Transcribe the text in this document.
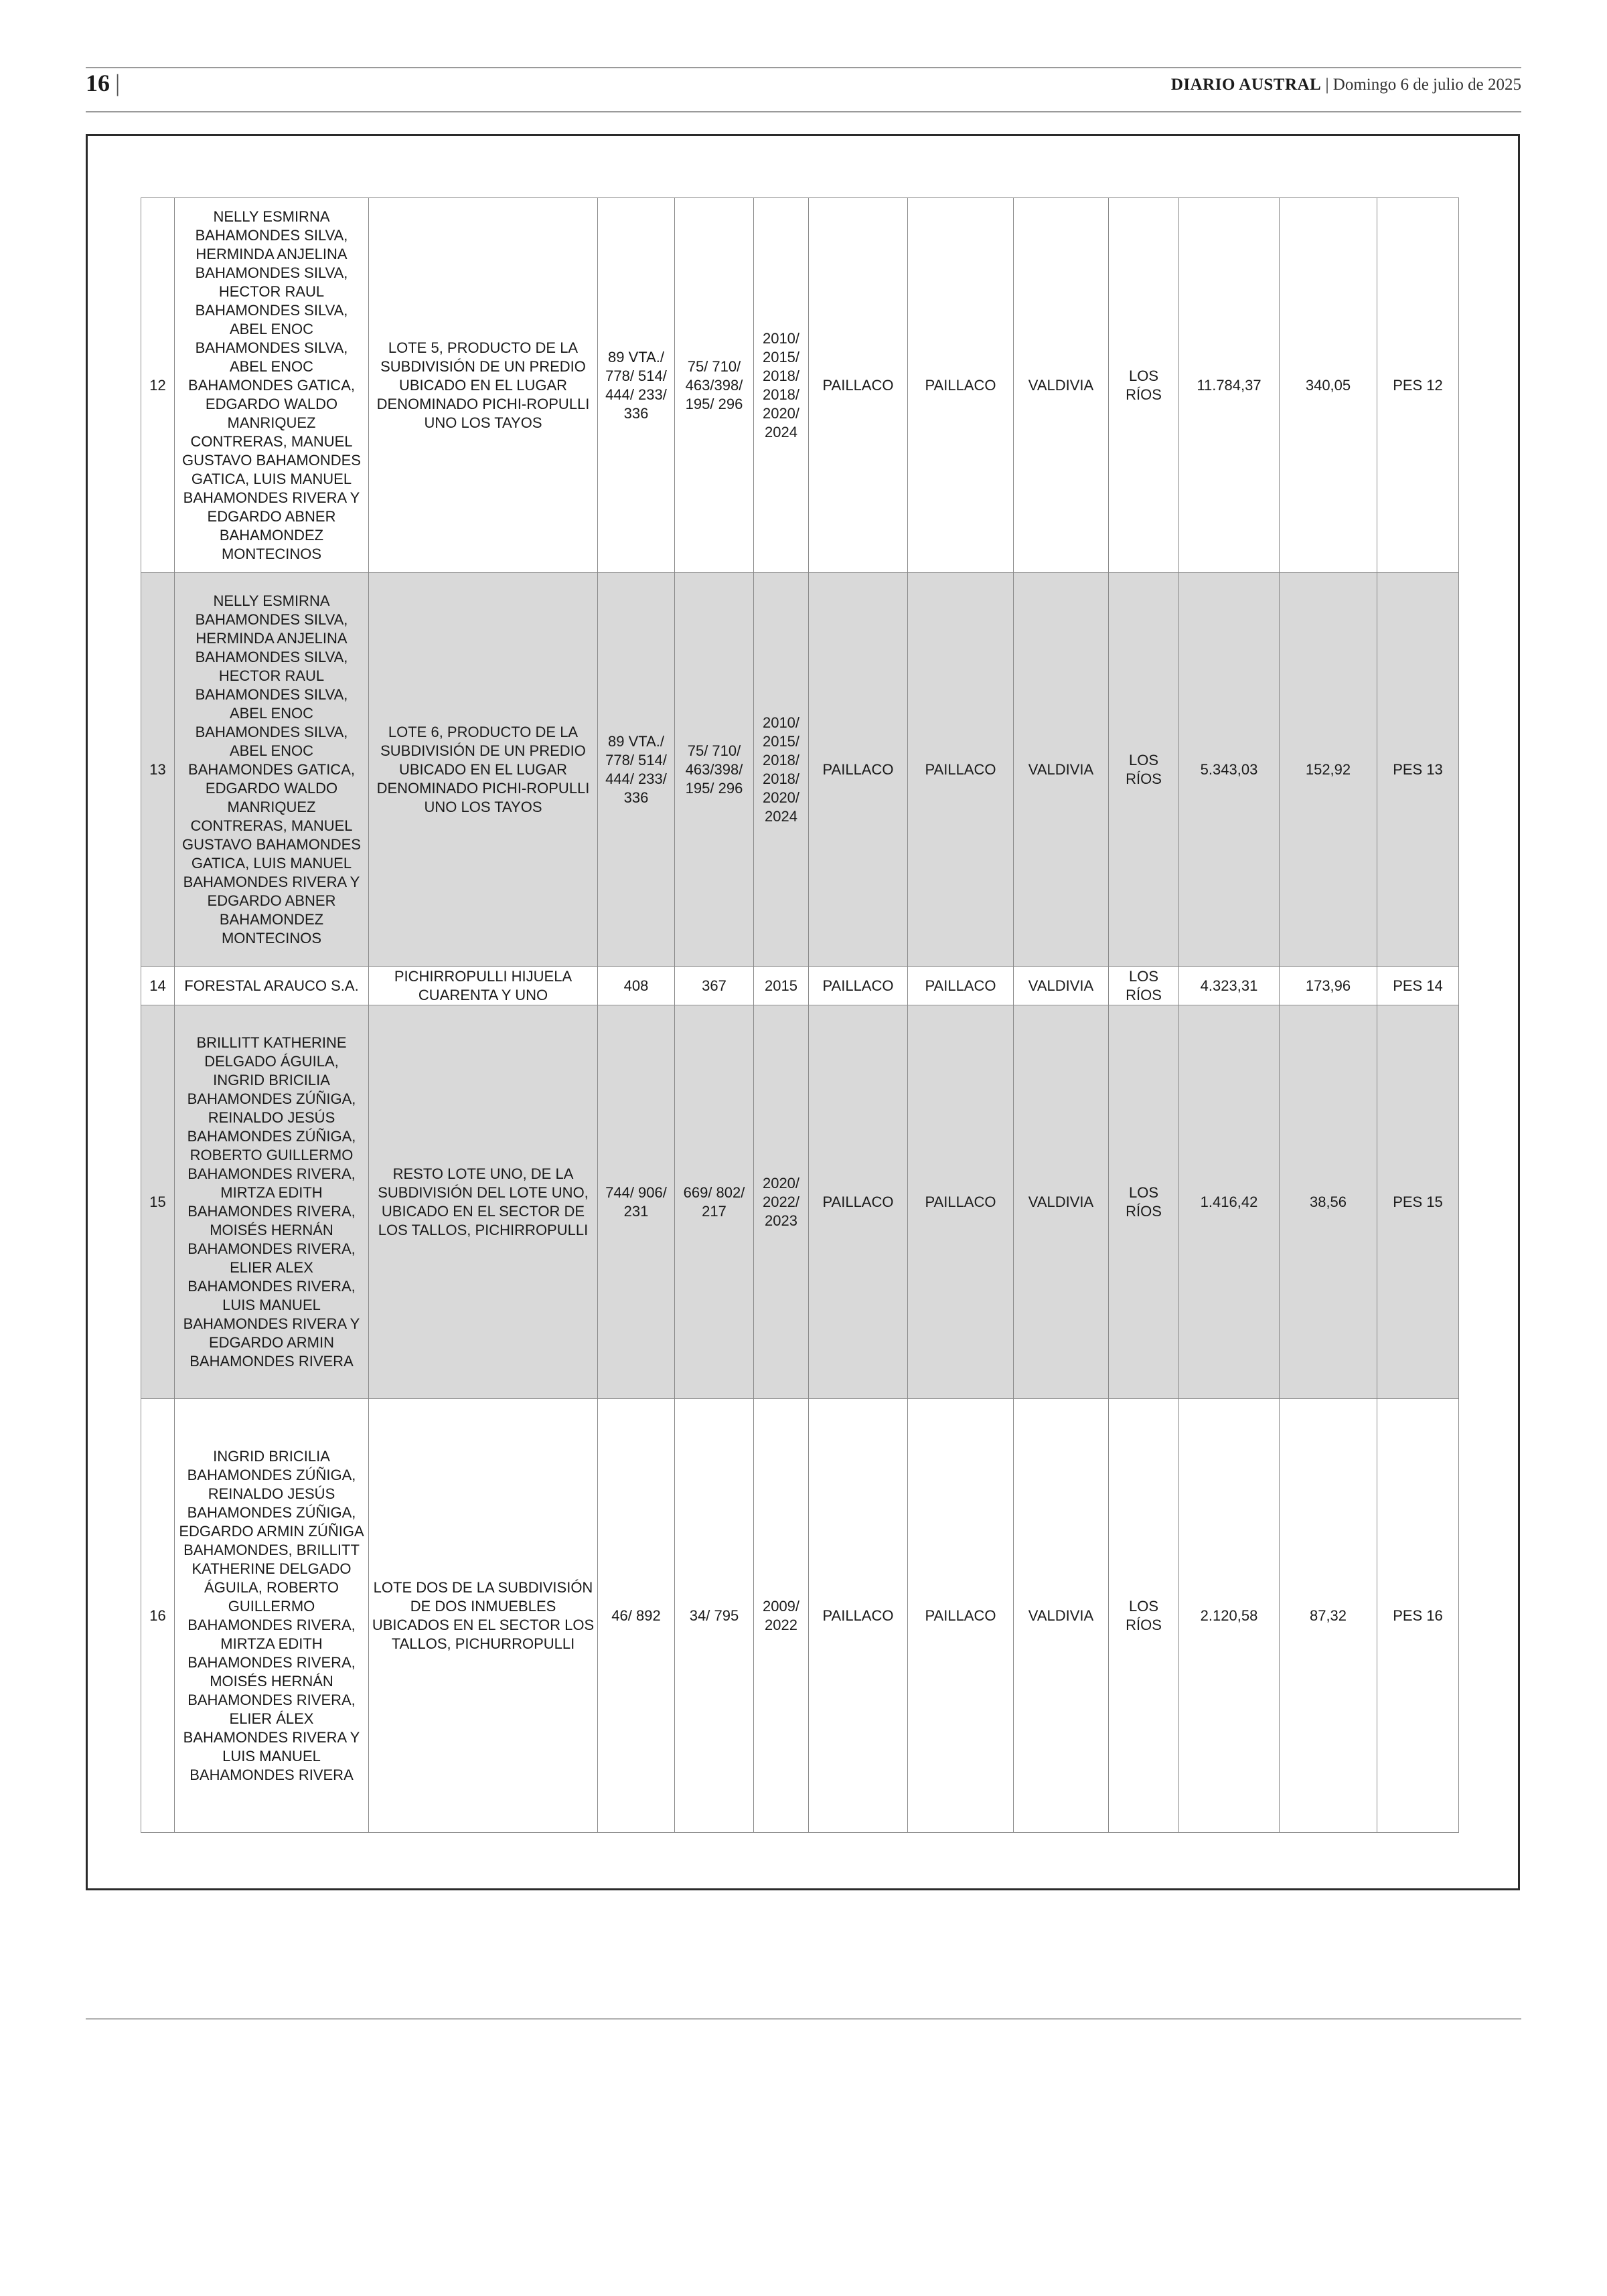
16 |	DIARIO AUSTRAL | Domingo 6 de julio de 2025
12	NELLY ESMIRNA BAHAMONDES SILVA, HERMINDA ANJELINA BAHAMONDES SILVA, HECTOR RAUL BAHAMONDES SILVA, ABEL ENOC BAHAMONDES SILVA, ABEL ENOC BAHAMONDES GATICA, EDGARDO WALDO MANRIQUEZ CONTRERAS, MANUEL GUSTAVO BAHAMONDES GATICA, LUIS MANUEL BAHAMONDES RIVERA Y EDGARDO ABNER BAHAMONDEZ MONTECINOS	LOTE 5, PRODUCTO DE LA SUBDIVISIÓN DE UN PREDIO UBICADO EN EL LUGAR DENOMINADO PICHI-ROPULLI UNO LOS TAYOS	89 VTA./ 778/ 514/ 444/ 233/ 336	75/ 710/ 463/398/ 195/ 296	2010/ 2015/ 2018/ 2018/ 2020/ 2024	PAILLACO	PAILLACO	VALDIVIA	LOS RÍOS	11.784,37	340,05	PES 12
13	NELLY ESMIRNA BAHAMONDES SILVA, HERMINDA ANJELINA BAHAMONDES SILVA, HECTOR RAUL BAHAMONDES SILVA, ABEL ENOC BAHAMONDES SILVA, ABEL ENOC BAHAMONDES GATICA, EDGARDO WALDO MANRIQUEZ CONTRERAS, MANUEL GUSTAVO BAHAMONDES GATICA, LUIS MANUEL BAHAMONDES RIVERA Y EDGARDO ABNER BAHAMONDEZ MONTECINOS	LOTE 6, PRODUCTO DE LA SUBDIVISIÓN DE UN PREDIO UBICADO EN EL LUGAR DENOMINADO PICHI-ROPULLI UNO LOS TAYOS	89 VTA./ 778/ 514/ 444/ 233/ 336	75/ 710/ 463/398/ 195/ 296	2010/ 2015/ 2018/ 2018/ 2020/ 2024	PAILLACO	PAILLACO	VALDIVIA	LOS RÍOS	5.343,03	152,92	PES 13
14	FORESTAL ARAUCO S.A.	PICHIRROPULLI HIJUELA CUARENTA Y UNO	408	367	2015	PAILLACO	PAILLACO	VALDIVIA	LOS RÍOS	4.323,31	173,96	PES 14
15	BRILLITT KATHERINE DELGADO ÁGUILA, INGRID BRICILIA BAHAMONDES ZÚÑIGA, REINALDO JESÚS BAHAMONDES ZÚÑIGA, ROBERTO GUILLERMO BAHAMONDES RIVERA, MIRTZA EDITH BAHAMONDES RIVERA, MOISÉS HERNÁN BAHAMONDES RIVERA, ELIER ALEX BAHAMONDES RIVERA, LUIS MANUEL BAHAMONDES RIVERA Y EDGARDO ARMIN BAHAMONDES RIVERA	RESTO LOTE UNO, DE LA SUBDIVISIÓN DEL LOTE UNO, UBICADO EN EL SECTOR DE LOS TALLOS, PICHIRROPULLI	744/ 906/ 231	669/ 802/ 217	2020/ 2022/ 2023	PAILLACO	PAILLACO	VALDIVIA	LOS RÍOS	1.416,42	38,56	PES 15
16	INGRID BRICILIA BAHAMONDES ZÚÑIGA, REINALDO JESÚS BAHAMONDES ZÚÑIGA, EDGARDO ARMIN ZÚÑIGA BAHAMONDES, BRILLITT KATHERINE DELGADO ÁGUILA, ROBERTO GUILLERMO BAHAMONDES RIVERA, MIRTZA EDITH BAHAMONDES RIVERA, MOISÉS HERNÁN BAHAMONDES RIVERA, ELIER ÁLEX BAHAMONDES RIVERA Y LUIS MANUEL BAHAMONDES RIVERA	LOTE DOS DE LA SUBDIVISIÓN DE DOS INMUEBLES UBICADOS EN EL SECTOR LOS TALLOS, PICHURROPULLI	46/ 892	34/ 795	2009/ 2022	PAILLACO	PAILLACO	VALDIVIA	LOS RÍOS	2.120,58	87,32	PES 16
